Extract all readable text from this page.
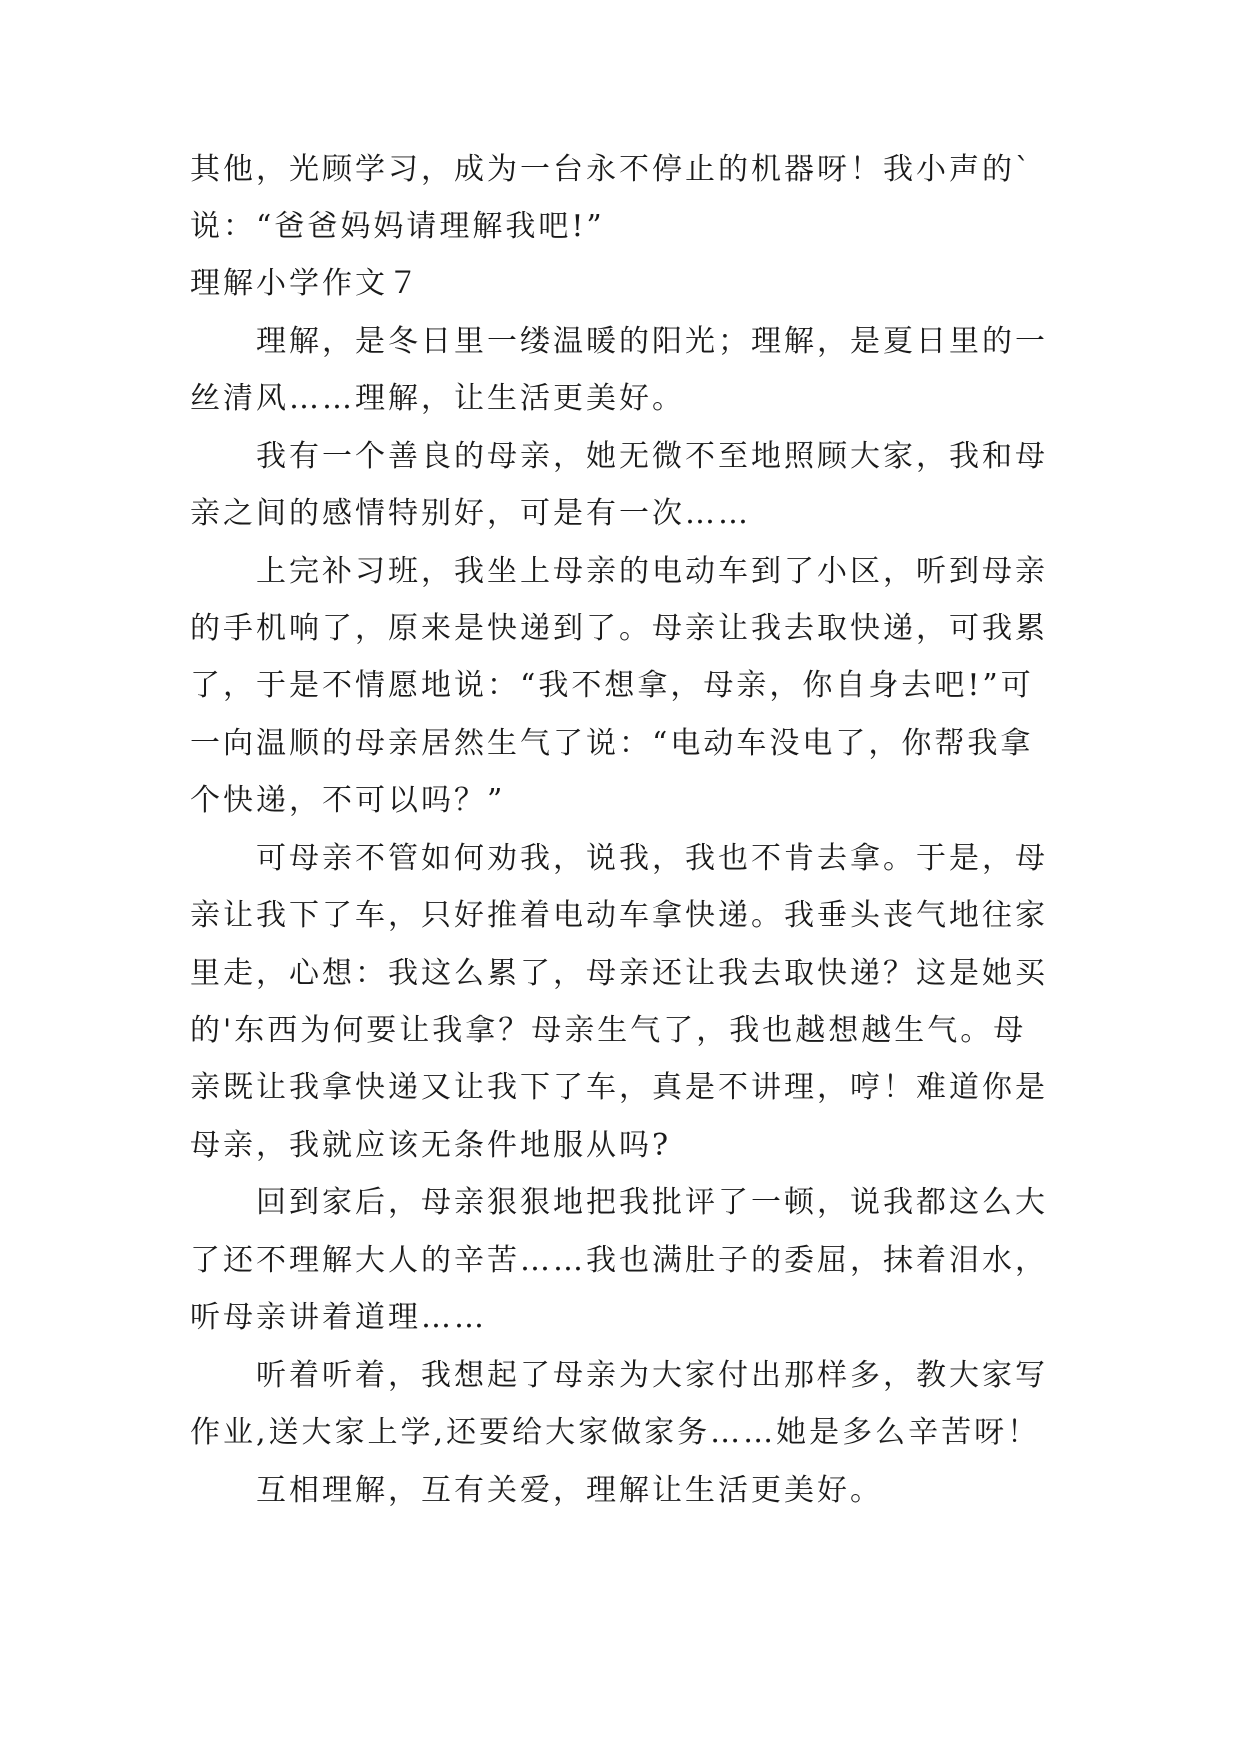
其他，光顾学习，成为一台永不停止的机器呀！我小声的`
说：“爸爸妈妈请理解我吧!”
理解小学作文７
理解，是冬日里一缕温暖的阳光；理解，是夏日里的一
丝清风……理解，让生活更美好。
我有一个善良的母亲，她无微不至地照顾大家，我和母
亲之间的感情特别好，可是有一次……
上完补习班，我坐上母亲的电动车到了小区，听到母亲
的手机响了，原来是快递到了。母亲让我去取快递，可我累
了，于是不情愿地说：“我不想拿，母亲，你自身去吧!”可
一向温顺的母亲居然生气了说：“电动车没电了，你帮我拿
个快递，不可以吗？”
可母亲不管如何劝我，说我，我也不肯去拿。于是，母
亲让我下了车，只好推着电动车拿快递。我垂头丧气地往家
里走，心想：我这么累了，母亲还让我去取快递？这是她买
的'东西为何要让我拿？母亲生气了，我也越想越生气。母
亲既让我拿快递又让我下了车，真是不讲理，哼！难道你是
母亲，我就应该无条件地服从吗?
回到家后，母亲狠狠地把我批评了一顿，说我都这么大
了还不理解大人的辛苦……我也满肚子的委屈，抹着泪水，
听母亲讲着道理……
听着听着，我想起了母亲为大家付出那样多，教大家写
作业,送大家上学,还要给大家做家务……她是多么辛苦呀！
互相理解，互有关爱，理解让生活更美好。
